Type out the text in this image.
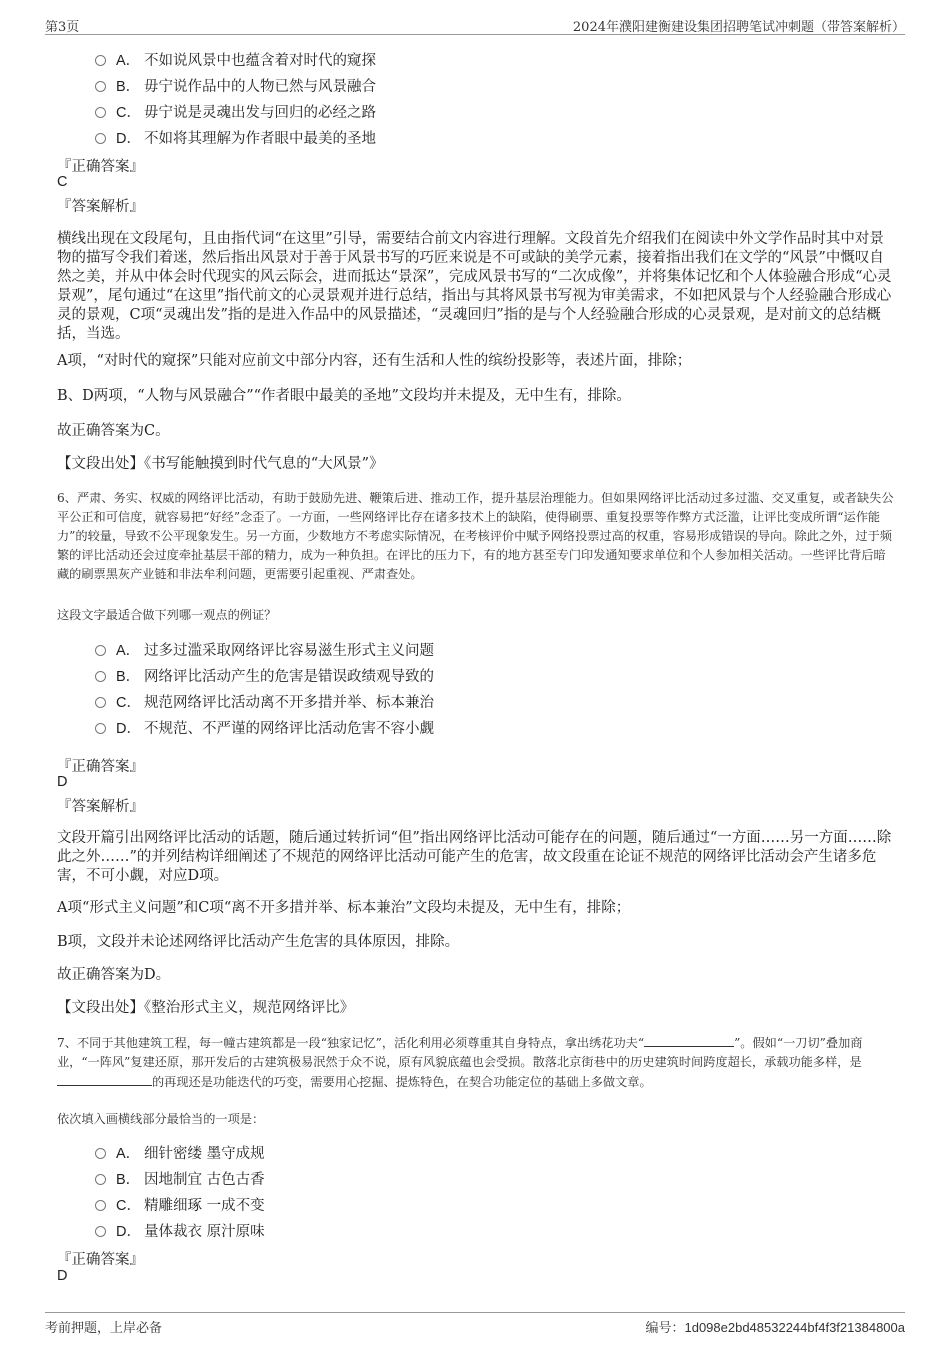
第3页	2024年濮阳建衡建设集团招聘笔试冲刺题（带答案解析）
A． 不如说风景中也蕴含着对时代的窥探
B． 毋宁说作品中的人物已然与风景融合
C． 毋宁说是灵魂出发与回归的必经之路
D． 不如将其理解为作者眼中最美的圣地
『正确答案』
C
『答案解析』
横线出现在文段尾句，且由指代词“在这里”引导，需要结合前文内容进行理解。文段首先介绍我们在阅读中外文学作品时其中对景物的描写令我们着迷，然后指出风景对于善于风景书写的巧匠来说是不可或缺的美学元素，接着指出我们在文学的“风景”中慨叹自然之美，并从中体会时代现实的风云际会，进而抵达“景深”，完成风景书写的“二次成像”，并将集体记忆和个人体验融合形成“心灵景观”，尾句通过“在这里”指代前文的心灵景观并进行总结，指出与其将风景书写视为审美需求，不如把风景与个人经验融合形成心灵的景观，C项“灵魂出发”指的是进入作品中的风景描述，“灵魂回归”指的是与个人经验融合形成的心灵景观，是对前文的总结概括，当选。
A项，“对时代的窥探”只能对应前文中部分内容，还有生活和人性的缤纷投影等，表述片面，排除；
B、D两项，“人物与风景融合”“作者眼中最美的圣地”文段均并未提及，无中生有，排除。
故正确答案为C。
【文段出处】《书写能触摸到时代气息的“大风景”》
6、严肃、务实、权威的网络评比活动，有助于鼓励先进、鞭策后进、推动工作，提升基层治理能力。但如果网络评比活动过多过滥、交叉重复，或者缺失公平公正和可信度，就容易把“好经”念歪了。一方面，一些网络评比存在诸多技术上的缺陷，使得刷票、重复投票等作弊方式泛滥，让评比变成所谓“运作能力”的较量，导致不公平现象发生。另一方面，少数地方不考虑实际情况，在考核评价中赋予网络投票过高的权重，容易形成错误的导向。除此之外，过于频繁的评比活动还会过度牵扯基层干部的精力，成为一种负担。在评比的压力下，有的地方甚至专门印发通知要求单位和个人参加相关活动。一些评比背后暗藏的刷票黑灰产业链和非法牟利问题，更需要引起重视、严肃查处。
这段文字最适合做下列哪一观点的例证？
A． 过多过滥采取网络评比容易滋生形式主义问题
B． 网络评比活动产生的危害是错误政绩观导致的
C． 规范网络评比活动离不开多措并举、标本兼治
D． 不规范、不严谨的网络评比活动危害不容小觑
『正确答案』
D
『答案解析』
文段开篇引出网络评比活动的话题，随后通过转折词“但”指出网络评比活动可能存在的问题，随后通过“一方面……另一方面……除此之外……”的并列结构详细阐述了不规范的网络评比活动可能产生的危害，故文段重在论证不规范的网络评比活动会产生诸多危害，不可小觑，对应D项。
A项“形式主义问题”和C项“离不开多措并举、标本兼治”文段均未提及，无中生有，排除；
B项，文段并未论述网络评比活动产生危害的具体原因，排除。
故正确答案为D。
【文段出处】《整治形式主义，规范网络评比》
7、不同于其他建筑工程，每一幢古建筑都是一段“独家记忆”，活化利用必须尊重其自身特点，拿出绣花功夫“	”。假如“一刀切”叠加商业，“一阵风”复建还原，那开发后的古建筑极易泯然于众不说，原有风貌底蕴也会受损。散落北京街巷中的历史建筑时间跨度超长，承载功能多样，是的再现还是功能迭代的巧变，需要用心挖掘、提炼特色，在契合功能定位的基础上多做文章。
依次填入画横线部分最恰当的一项是：
A． 细针密缕 墨守成规
B． 因地制宜 古色古香
C． 精雕细琢 一成不变
D． 量体裁衣 原汁原味
『正确答案』
D
考前押题，上岸必备	编号：1d098e2bd48532244bf4f3f21384800a
